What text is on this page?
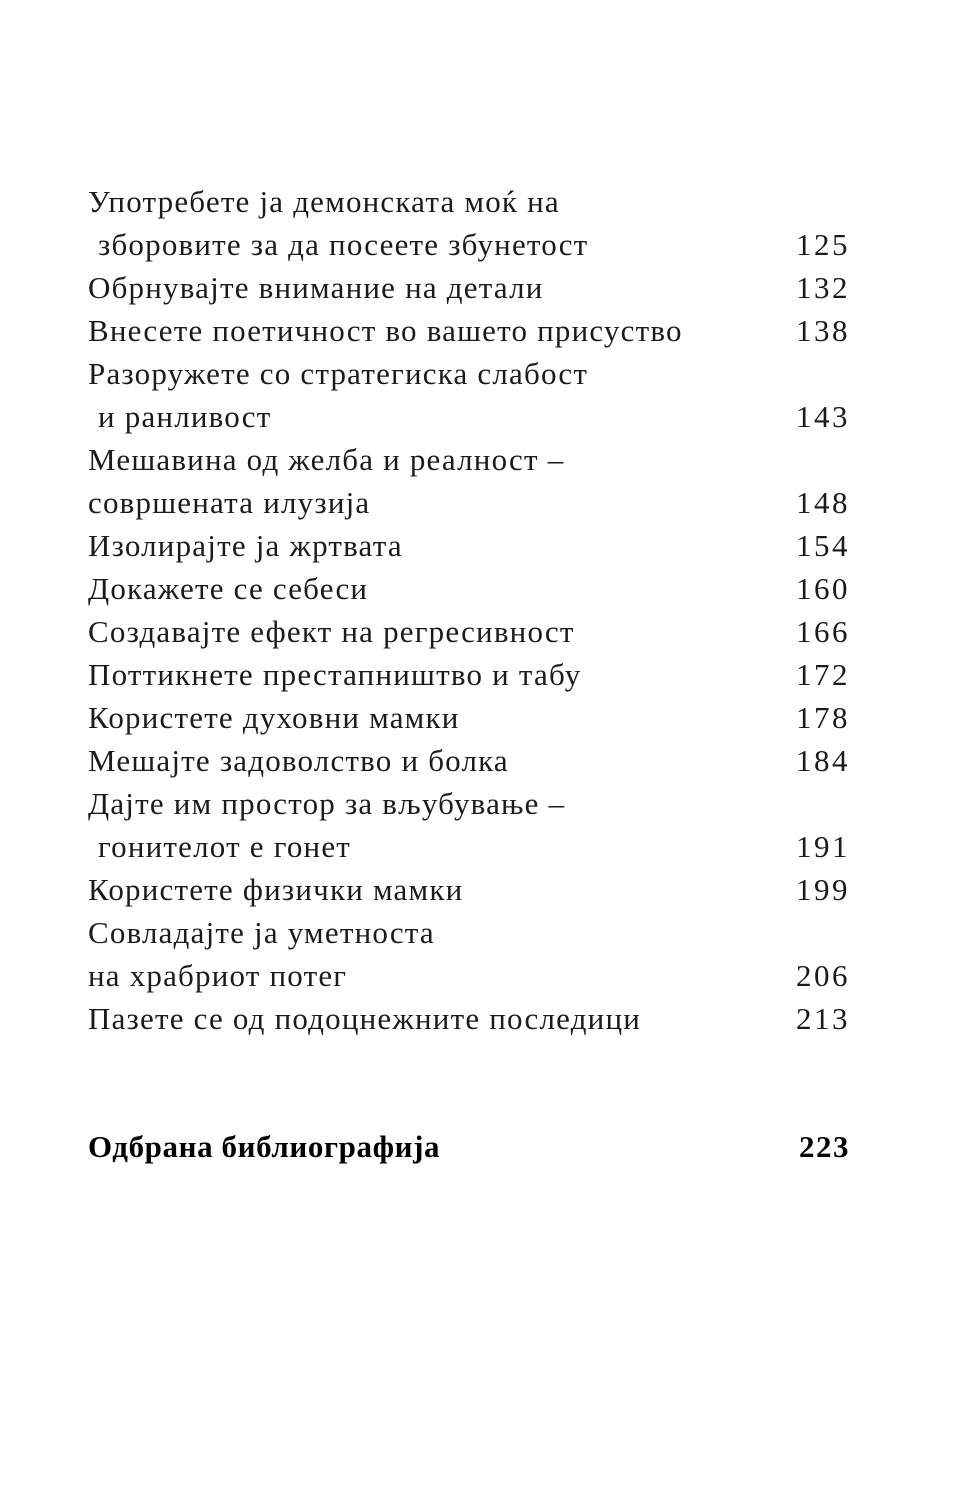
Употребете ја демонската моќ на
зборовите за да посеете збунетост	125
Обрнувајте внимание на детали	132
Внесете поетичност во вашето присуство	138
Разоружете со стратегиска слабост
и ранливост	143
Мешавина од желба и реалност –
совршената илузија	148
Изолирајте ја жртвата	154
Докажете се себеси	160
Создавајте ефект на регресивност	166
Поттикнете престапништво и табу	172
Користете духовни мамки	178
Мешајте задоволство и болка	184
Дајте им простор за вљубување –
гонителот е гонет	191
Користете физички мамки	199
Совладајте ја уметноста
на храбриот потег	206
Пазете се од подоцнежните последици	213
Одбрана библиографија	223
